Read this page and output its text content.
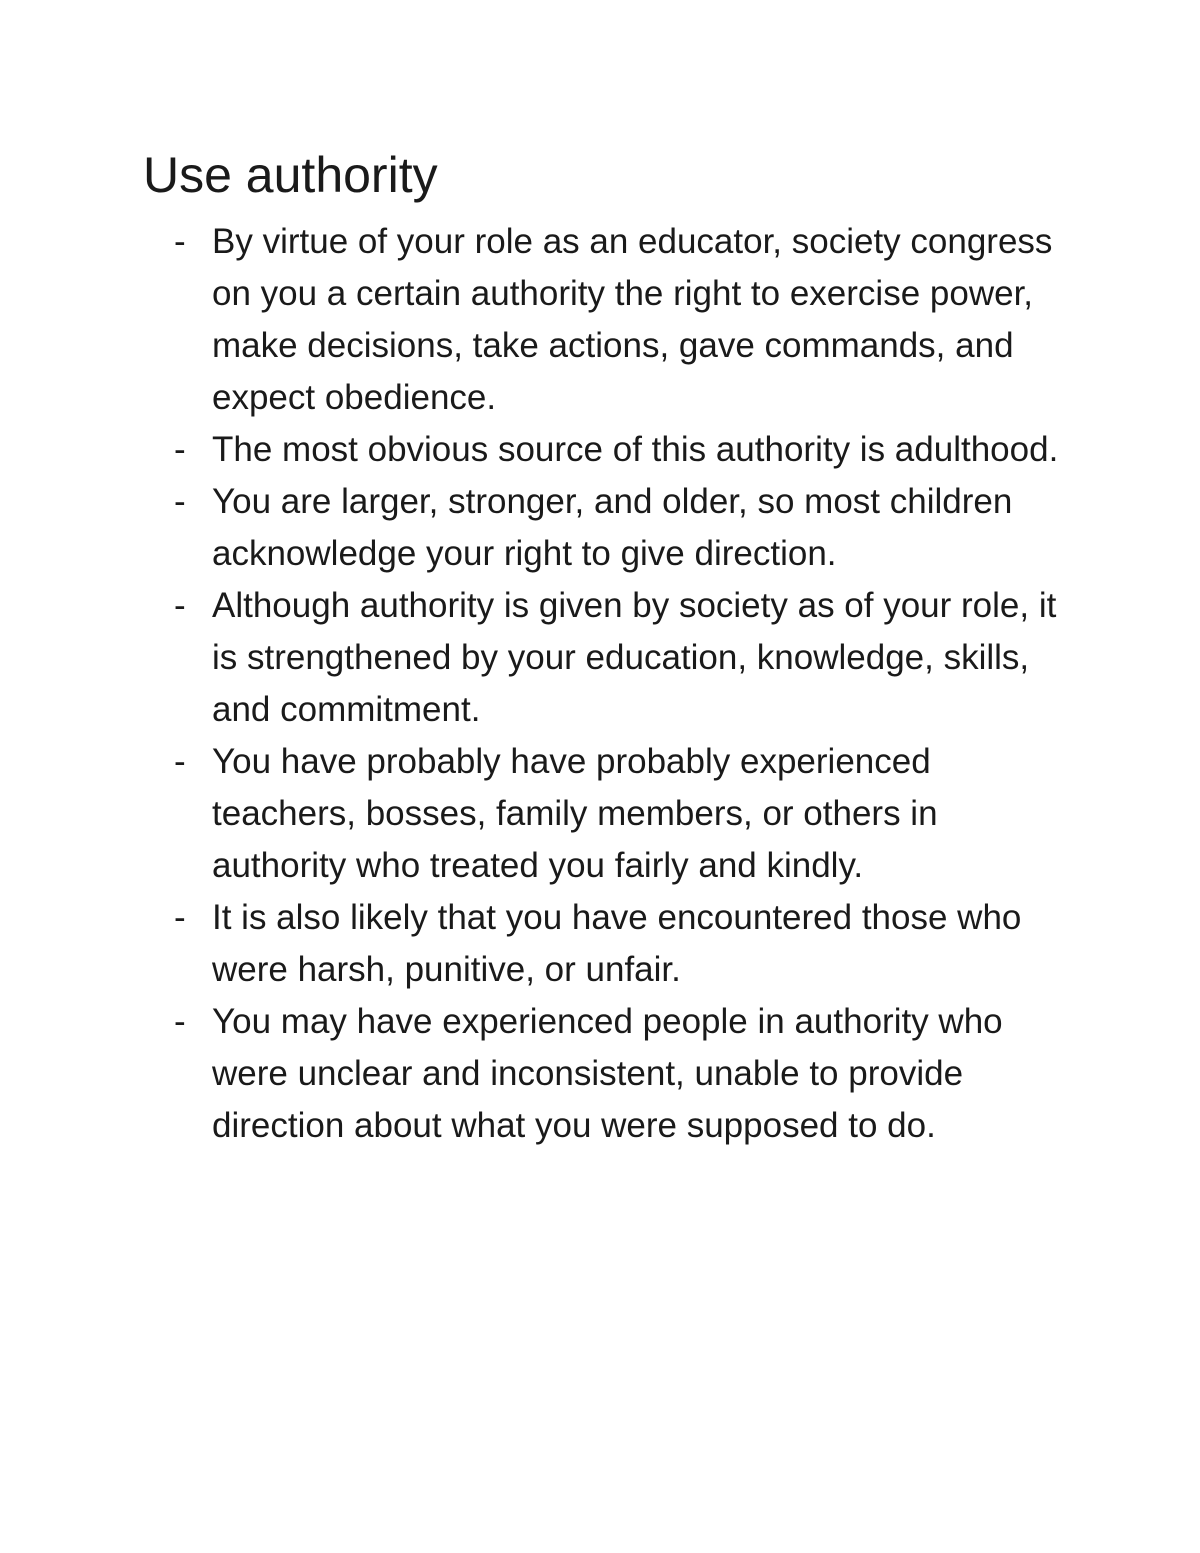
Use authority
- By virtue of your role as an educator, society congress on you a certain authority the right to exercise power, make decisions, take actions, gave commands, and expect obedience.
- The most obvious source of this authority is adulthood.
- You are larger, stronger, and older, so most children acknowledge your right to give direction.
- Although authority is given by society as of your role, it is strengthened by your education, knowledge, skills, and commitment.
- You have probably have probably experienced teachers, bosses, family members, or others in authority who treated you fairly and kindly.
- It is also likely that you have encountered those who were harsh, punitive, or unfair.
- You may have experienced people in authority who were unclear and inconsistent, unable to provide direction about what you were supposed to do.
